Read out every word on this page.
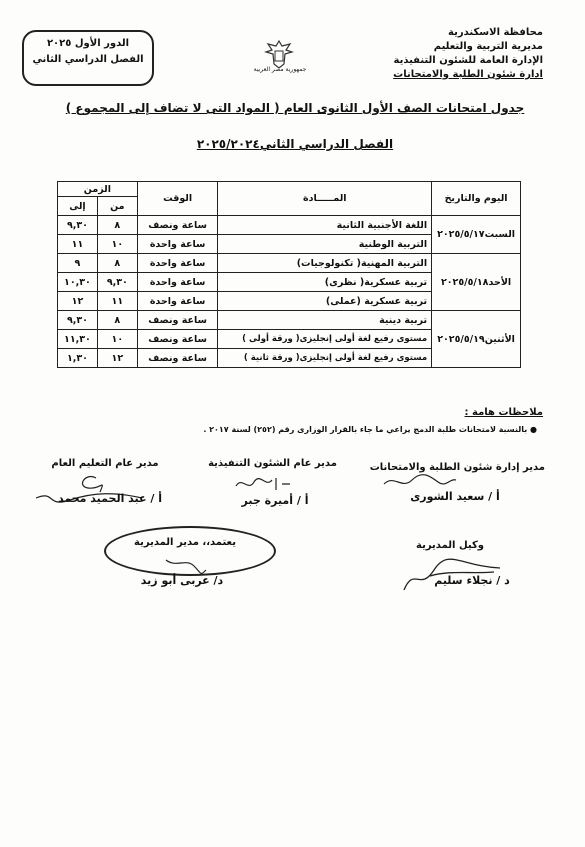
محافظة الاسكندرية
مديرية التربية والتعليم
الإدارة العامة للشئون التنفيذية
ادارة شئون الطلبة والامتحانات
جمهورية مصر العربية
الدور الأول ٢٠٢٥
الفصل الدراسي الثاني
جدول امتحانات الصف الأول الثانوى العام ( المواد التى لا تضاف إلى المجموع )
الفصل الدراسي الثاني٢٠٢٥/٢٠٢٤
اليوم والتاريخ	المـــــادة	الوقت	الزمن	
			من	إلى
السبت٢٠٢٥/٥/١٧	اللغة الأجنبية الثانية	ساعة ونصف	٨	٩,٣٠
	التربية الوطنية	ساعة واحدة	١٠	١١
الأحد٢٠٢٥/٥/١٨	التربية المهنية( تكنولوجيات)	ساعة واحدة	٨	٩
	تربية عسكرية( نظرى)	ساعة واحدة	٩,٣٠	١٠,٣٠
	تربية عسكرية (عملى)	ساعة واحدة	١١	١٢
الأثنين٢٠٢٥/٥/١٩	تربية دينية	ساعة ونصف	٨	٩,٣٠
	مستوى رفيع لغة أولى إنجليزى( ورقة أولى )	ساعة ونصف	١٠	١١,٣٠
	مستوى رفيع لغة أولى إنجليزى( ورقة ثانية )	ساعة ونصف	١٢	١,٣٠
ملاحظات هامة :
● بالنسبة لامتحانات طلبة الدمج يراعي ما جاء بالقرار الوزارى رقم (٢٥٢) لسنة ٢٠١٧ .
مدير إدارة شئون الطلبة والامتحانات
أ / سعيد الشورى
مدير عام الشئون التنفيذية
أ / أميرة جبر
مدير عام التعليم العام
أ / عبد الحميد محمد
يعتمد،، مدير المديرية
د/ عربى أبو زيد
وكيل المديرية
د / نجلاء سليم
